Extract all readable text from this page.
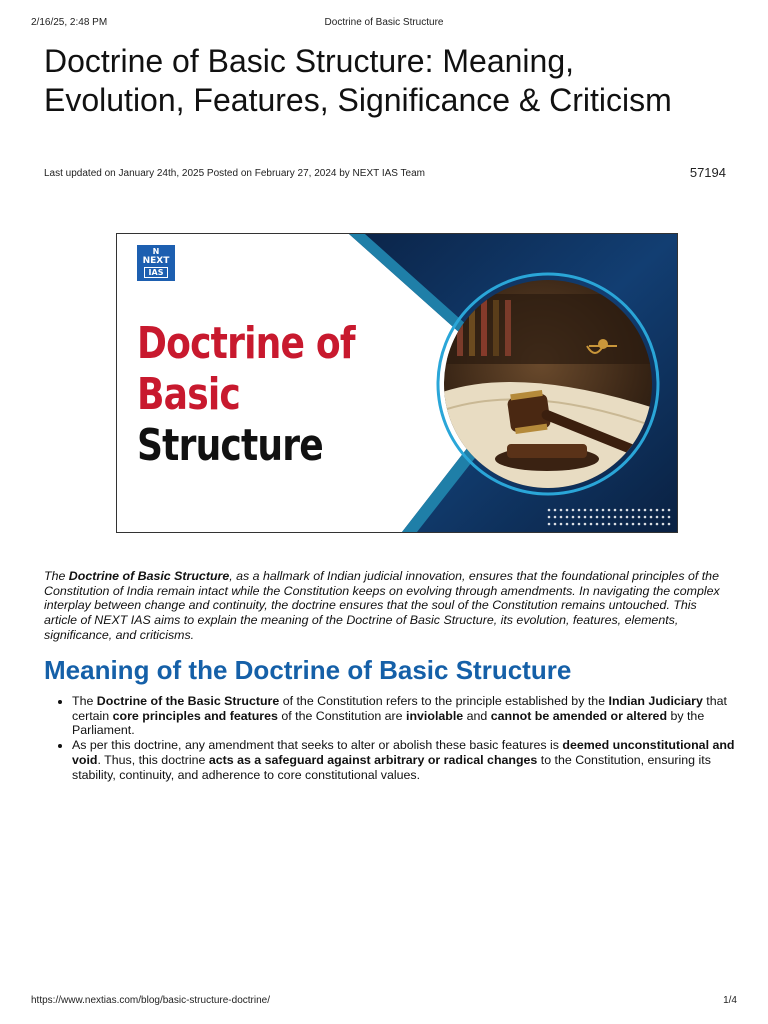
2/16/25, 2:48 PM	Doctrine of Basic Structure
Doctrine of Basic Structure: Meaning, Evolution, Features, Significance & Criticism
Last updated on January 24th, 2025 Posted on February 27, 2024 by NEXT IAS Team	57194
N
NEXT
IAS
Doctrine of
Basic
Structure

The Doctrine of Basic Structure, as a hallmark of Indian judicial innovation, ensures that the foundational principles of the Constitution of India remain intact while the Constitution keeps on evolving through amendments. In navigating the complex interplay between change and continuity, the doctrine ensures that the soul of the Constitution remains untouched. This article of NEXT IAS aims to explain the meaning of the Doctrine of Basic Structure, its evolution, features, elements, significance, and criticisms.

Meaning of the Doctrine of Basic Structure
• The Doctrine of the Basic Structure of the Constitution refers to the principle established by the Indian Judiciary that certain core principles and features of the Constitution are inviolable and cannot be amended or altered by the Parliament.
• As per this doctrine, any amendment that seeks to alter or abolish these basic features is deemed unconstitutional and void. Thus, this doctrine acts as a safeguard against arbitrary or radical changes to the Constitution, ensuring its stability, continuity, and adherence to core constitutional values.
https://www.nextias.com/blog/basic-structure-doctrine/	1/4
